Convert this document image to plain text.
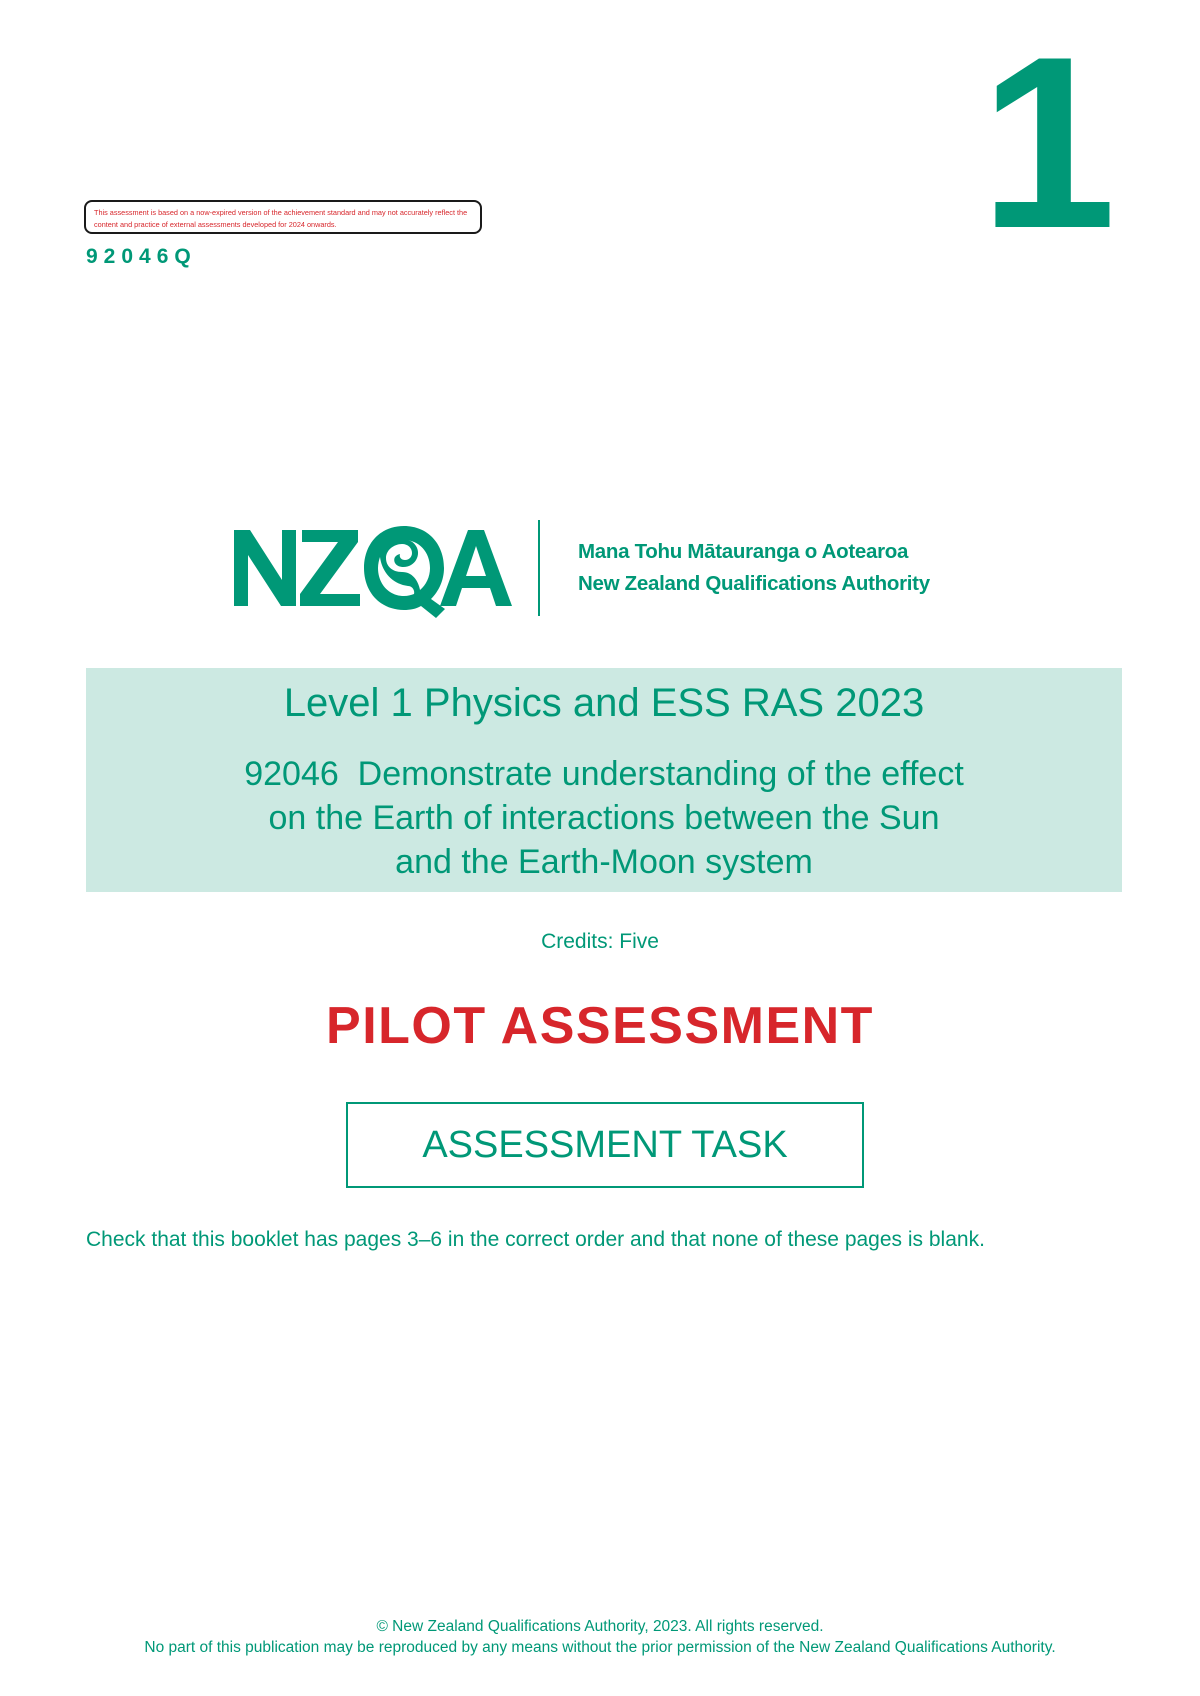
1
This assessment is based on a now-expired version of the achievement standard and may not accurately reflect the content and practice of external assessments developed for 2024 onwards.
92046Q
Mana Tohu Mātauranga o Aotearoa
New Zealand Qualifications Authority
Level 1 Physics and ESS RAS 2023
92046  Demonstrate understanding of the effect
on the Earth of interactions between the Sun
and the Earth-Moon system
Credits: Five
PILOT ASSESSMENT
ASSESSMENT TASK
Check that this booklet has pages 3–6 in the correct order and that none of these pages is blank.
© New Zealand Qualifications Authority, 2023. All rights reserved.
No part of this publication may be reproduced by any means without the prior permission of the New Zealand Qualifications Authority.
